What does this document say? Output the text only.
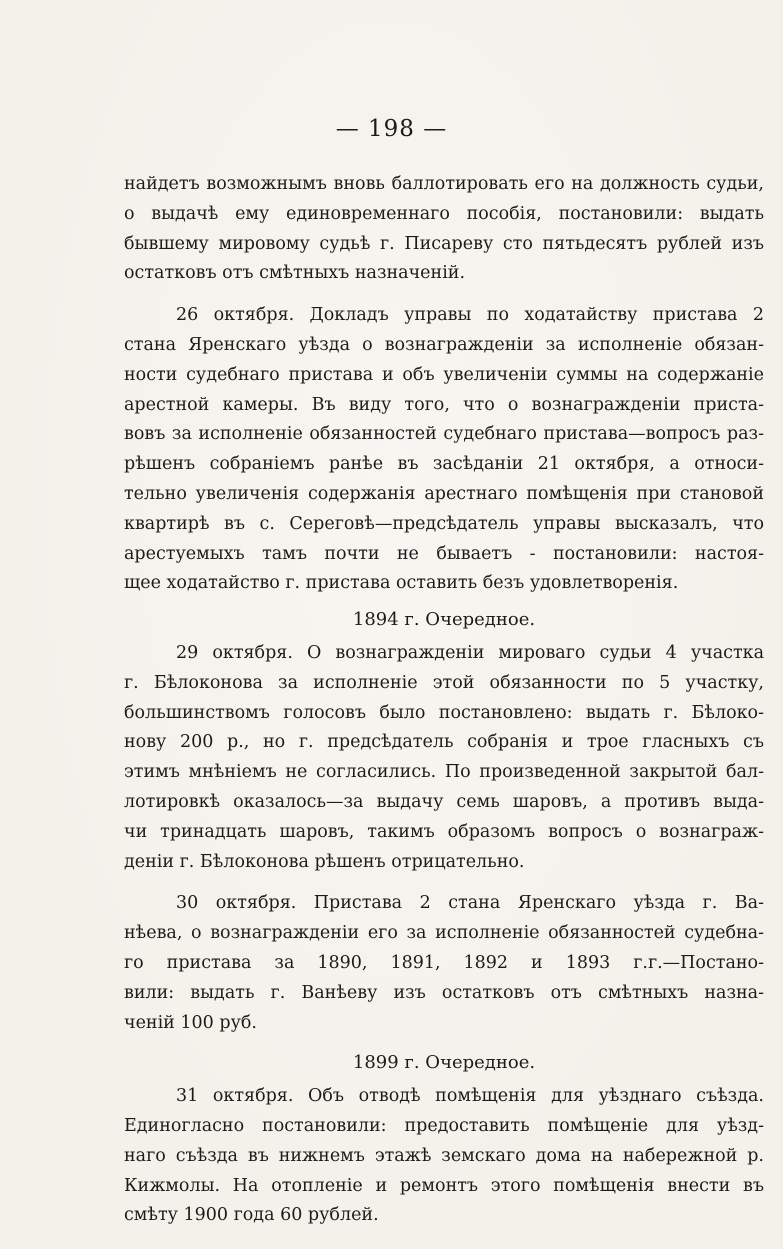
— 198 —
найдетъ возможнымъ вновь баллотировать его на должность судьи,
о выдачѣ ему единовременнаго пособія, постановили: выдать
бывшему мировому судьѣ г. Писареву сто пятьдесятъ рублей изъ
остатковъ отъ смѣтныхъ назначеній.
26 октября. Докладъ управы по ходатайству пристава 2
стана Яренскаго уѣзда о вознагражденіи за исполненіе обязан-
ности судебнаго пристава и объ увеличеніи суммы на содержаніе
арестной камеры. Въ виду того, что о вознагражденіи приста-
вовъ за исполненіе обязанностей судебнаго пристава—вопросъ раз-
рѣшенъ собраніемъ ранѣе въ засѣданіи 21 октября, а относи-
тельно увеличенія содержанія арестнаго помѣщенія при становой
квартирѣ въ с. Сереговѣ—предсѣдатель управы высказалъ, что
арестуемыхъ тамъ почти не бываетъ - постановили: настоя-
щее ходатайство г. пристава оставить безъ удовлетворенія.
1894 г. Очередное.
29 октября. О вознагражденіи мироваго судьи 4 участка
г. Бѣлоконова за исполненіе этой обязанности по 5 участку,
большинствомъ голосовъ было постановлено: выдать г. Бѣлоко-
нову 200 р., но г. предсѣдатель собранія и трое гласныхъ съ
этимъ мнѣніемъ не согласились. По произведенной закрытой бал-
лотировкѣ оказалось—за выдачу семь шаровъ, а противъ выда-
чи тринадцать шаровъ, такимъ образомъ вопросъ о вознаграж-
деніи г. Бѣлоконова рѣшенъ отрицательно.
30 октября. Пристава 2 стана Яренскаго уѣзда г. Ва-
нѣева, о вознагражденіи его за исполненіе обязанностей судебна-
го пристава за 1890, 1891, 1892 и 1893 г.г.—Постано-
вили: выдать г. Ванѣеву изъ остатковъ отъ смѣтныхъ назна-
ченій 100 руб.
1899 г. Очередное.
31 октября. Объ отводѣ помѣщенія для уѣзднаго съѣзда.
Единогласно постановили: предоставить помѣщеніе для уѣзд-
наго съѣзда въ нижнемъ этажѣ земскаго дома на набережной р.
Кижмолы. На отопленіе и ремонтъ этого помѣщенія внести въ
смѣту 1900 года 60 рублей.
